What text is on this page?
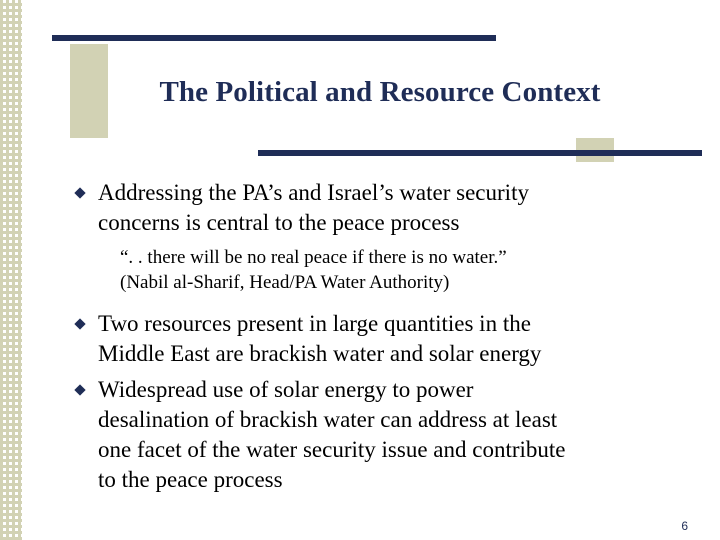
The Political and Resource Context
Addressing the PA’s and Israel’s water security
concerns is central to the peace process
“. . there will be no real peace if there is no water.”
(Nabil al-Sharif, Head/PA Water Authority)
Two resources present in large quantities in the
Middle East are brackish water and solar energy
Widespread use of solar energy to power
desalination of brackish water can address at least
one facet of the water security issue and contribute
to the peace process
6
